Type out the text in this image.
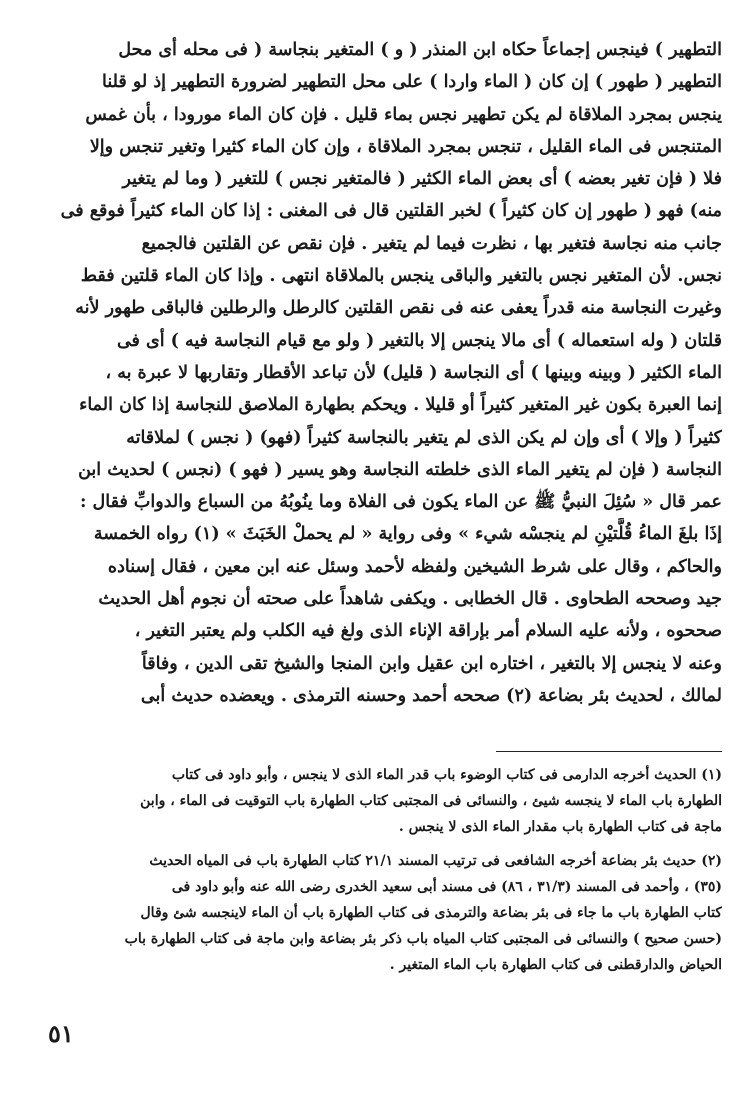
التطهير ) فينجس إجماعاً حكاه ابن المنذر ( و ) المتغير بنجاسة ( فى محله أى محل
التطهير ( طهور ) إن كان ( الماء واردا ) على محل التطهير لضرورة التطهير إذ لو قلنا
ينجس بمجرد الملاقاة لم يكن تطهير نجس بماء قليل . فإن كان الماء مورودا ، بأن غمس
المتنجس فى الماء القليل ، تنجس بمجرد الملاقاة ، وإن كان الماء كثيرا وتغير تنجس وإلا
فلا ( فإن تغير بعضه ) أى بعض الماء الكثير ( فالمتغير نجس ) للتغير ( وما لم يتغير
منه) فهو ( طهور إن كان كثيراً ) لخبر القلتين قال فى المغنى : إذا كان الماء كثيراً فوقع فى
جانب منه نجاسة فتغير بها ، نظرت فيما لم يتغير . فإن نقص عن القلتين فالجميع
نجس. لأن المتغير نجس بالتغير والباقى ينجس بالملاقاة انتهى . وإذا كان الماء قلتين فقط
وغيرت النجاسة منه قدراً يعفى عنه فى نقص القلتين كالرطل والرطلين فالباقى طهور لأنه
قلتان ( وله استعماله ) أى مالا ينجس إلا بالتغير ( ولو مع قيام النجاسة فيه ) أى فى
الماء الكثير ( وبينه وبينها ) أى النجاسة ( قليل) لأن تباعد الأقطار وتقاربها لا عبرة به ،
إنما العبرة بكون غير المتغير كثيراً أو قليلا . ويحكم بطهارة الملاصق للنجاسة إذا كان الماء
كثيراً ( وإلا ) أى وإن لم يكن الذى لم يتغير بالنجاسة كثيراً (فهو) ( نجس ) لملاقاته
النجاسة ( فإن لم يتغير الماء الذى خلطته النجاسة وهو يسير ( فهو ) (نجس ) لحديث ابن
عمر قال « سُئِلَ النبيُّ ﷺ عن الماء يكون فى الفلاة وما ينُوبُهُ من السباع والدوابِّ فقال :
إذَا بلغَ الماءُ قُلَّتيْنِ لم ينجسْه شيء » وفى رواية « لم يحملْ الخَبَثَ » (١) رواه الخمسة
والحاكم ، وقال على شرط الشيخين ولفظه لأحمد وسئل عنه ابن معين ، فقال إسناده
جيد وصححه الطحاوى . قال الخطابى . ويكفى شاهداً على صحته أن نجوم أهل الحديث
صححوه ، ولأنه عليه السلام أمر بإراقة الإناء الذى ولغ فيه الكلب ولم يعتبر التغير ،
وعنه لا ينجس إلا بالتغير ، اختاره ابن عقيل وابن المنجا والشيخ تقى الدين ، وفاقاً
لمالك ، لحديث بئر بضاعة (٢) صححه أحمد وحسنه الترمذى . ويعضده حديث أبى
(١) الحديث أخرجه الدارمى فى كتاب الوضوء باب قدر الماء الذى لا ينجس ، وأبو داود فى كتاب
الطهارة باب الماء لا ينجسه شيئ ، والنسائى فى المجتبى كتاب الطهارة باب التوقيت فى الماء ، وابن
ماجة فى كتاب الطهارة باب مقدار الماء الذى لا ينجس .
(٢) حديث بئر بضاعة أخرجه الشافعى فى ترتيب المسند ٢١/١ كتاب الطهارة باب فى المياه الحديث
(٣٥) ، وأحمد فى المسند (٣١/٣ ، ٨٦) فى مسند أبى سعيد الخدرى رضى الله عنه وأبو داود فى
كتاب الطهارة باب ما جاء فى بئر بضاعة والترمذى فى كتاب الطهارة باب أن الماء لاينجسه شئ وقال
(حسن صحيح ) والنسائى فى المجتبى كتاب المياه باب ذكر بئر بضاعة وابن ماجة فى كتاب الطهارة باب
الحياض والدارقطنى فى كتاب الطهارة باب الماء المتغير .
٥١
